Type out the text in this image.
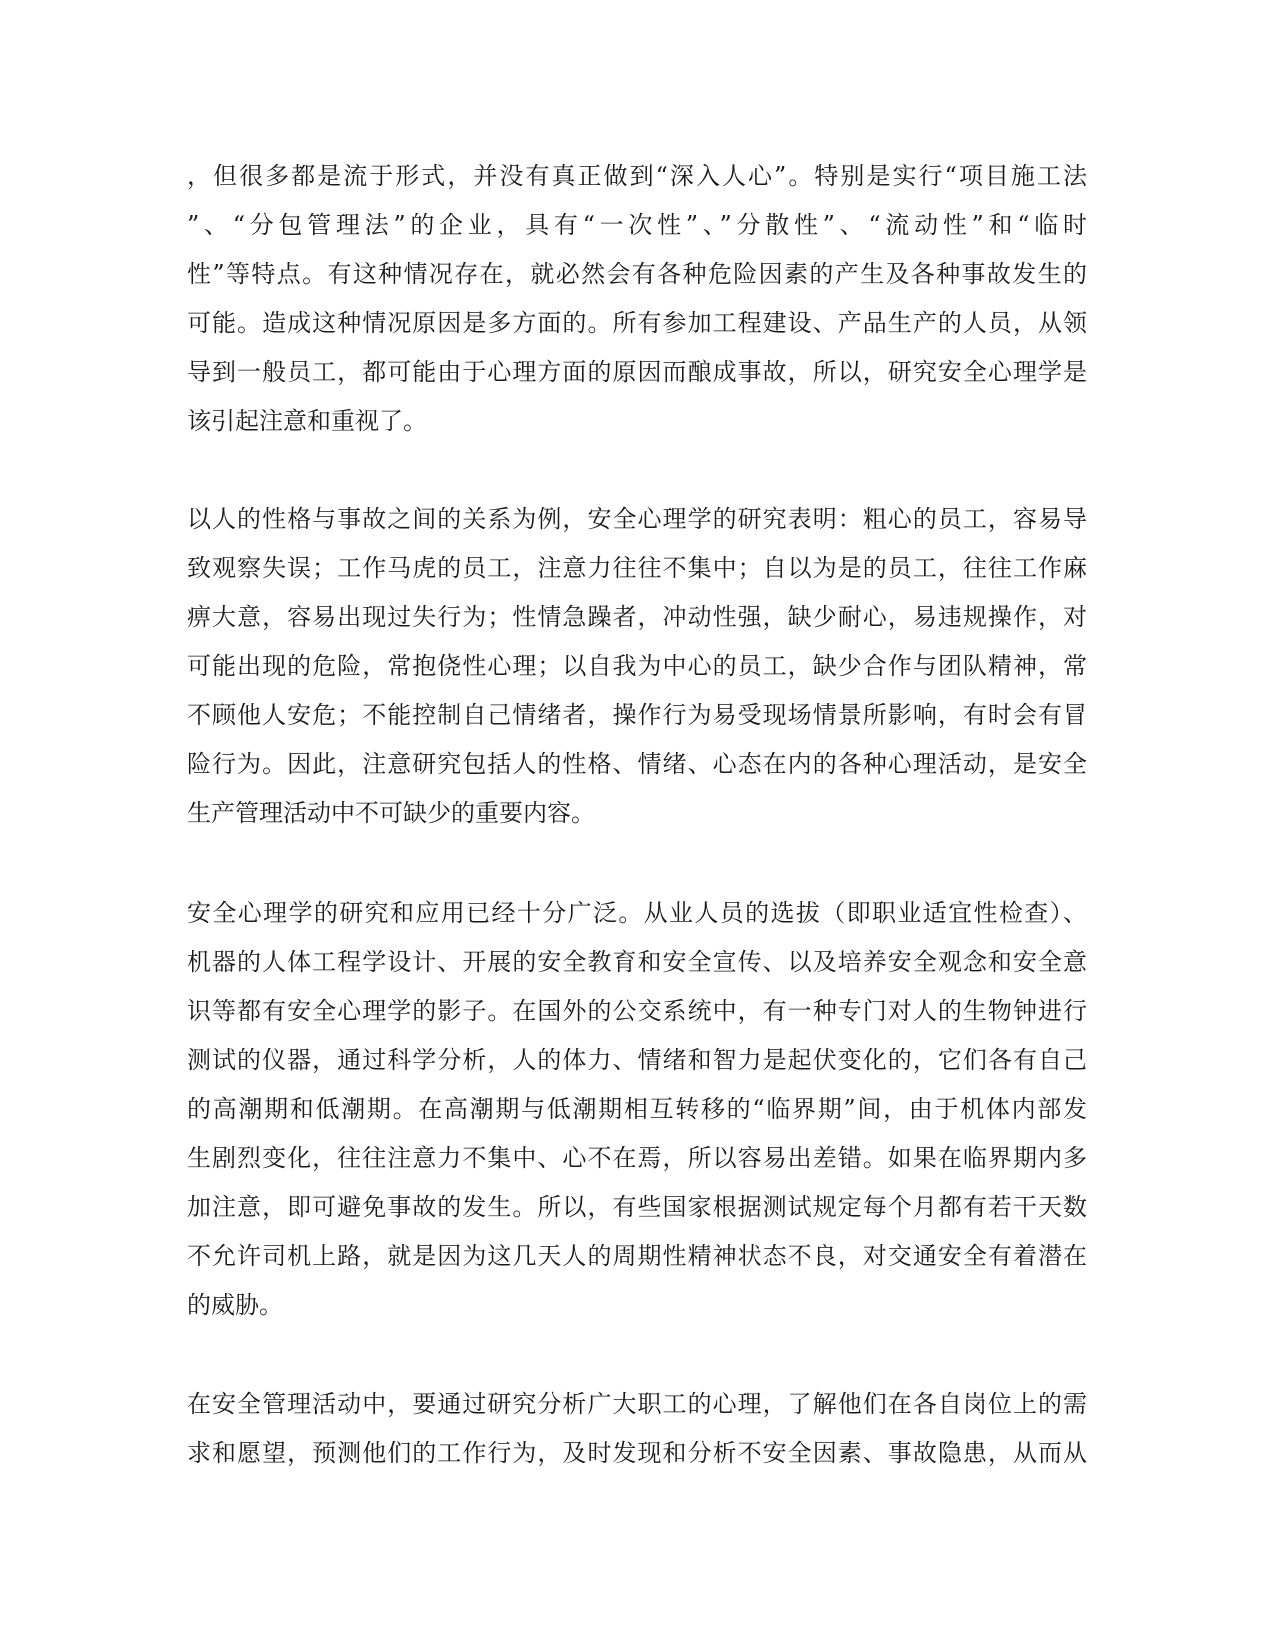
，但很多都是流于形式，并没有真正做到“深入人心”。特别是实行“项目施工法
”、“分包管理法”的企业，具有“一次性”、”分散性”、“流动性”和“临时
性”等特点。有这种情况存在，就必然会有各种危险因素的产生及各种事故发生的
可能。造成这种情况原因是多方面的。所有参加工程建设、产品生产的人员，从领
导到一般员工，都可能由于心理方面的原因而酿成事故，所以，研究安全心理学是
该引起注意和重视了。
以人的性格与事故之间的关系为例，安全心理学的研究表明：粗心的员工，容易导
致观察失误；工作马虎的员工，注意力往往不集中；自以为是的员工，往往工作麻
痹大意，容易出现过失行为；性情急躁者，冲动性强，缺少耐心，易违规操作，对
可能出现的危险，常抱侥性心理；以自我为中心的员工，缺少合作与团队精神，常
不顾他人安危；不能控制自己情绪者，操作行为易受现场情景所影响，有时会有冒
险行为。因此，注意研究包括人的性格、情绪、心态在内的各种心理活动，是安全
生产管理活动中不可缺少的重要内容。
安全心理学的研究和应用已经十分广泛。从业人员的选拔（即职业适宜性检查）、
机器的人体工程学设计、开展的安全教育和安全宣传、以及培养安全观念和安全意
识等都有安全心理学的影子。在国外的公交系统中，有一种专门对人的生物钟进行
测试的仪器，通过科学分析，人的体力、情绪和智力是起伏变化的，它们各有自己
的高潮期和低潮期。在高潮期与低潮期相互转移的“临界期”间，由于机体内部发
生剧烈变化，往往注意力不集中、心不在焉，所以容易出差错。如果在临界期内多
加注意，即可避免事故的发生。所以，有些国家根据测试规定每个月都有若干天数
不允许司机上路，就是因为这几天人的周期性精神状态不良，对交通安全有着潜在
的威胁。
在安全管理活动中，要通过研究分析广大职工的心理，了解他们在各自岗位上的需
求和愿望，预测他们的工作行为，及时发现和分析不安全因素、事故隐患，从而从
